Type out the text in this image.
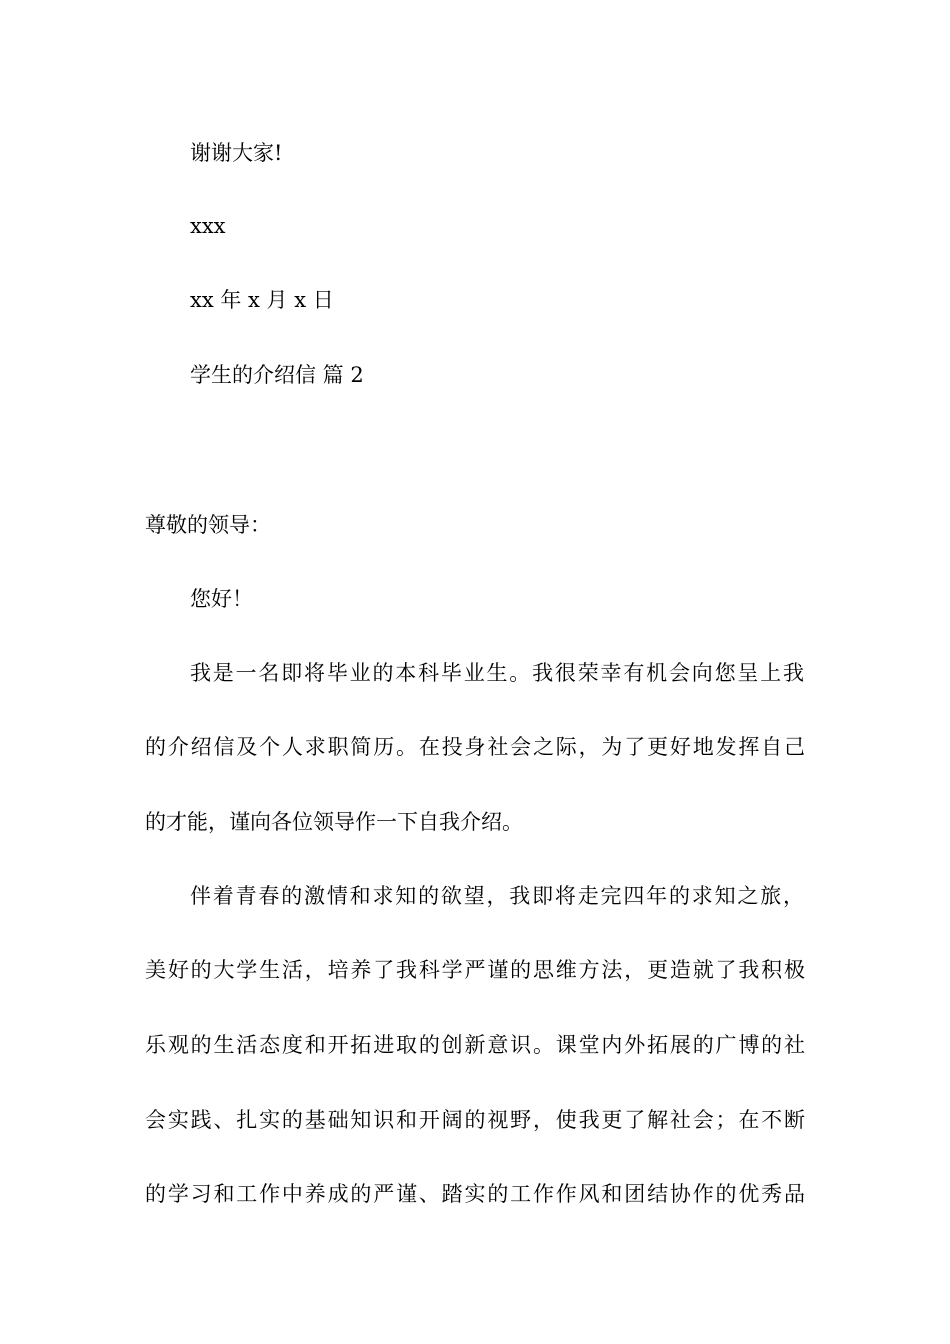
谢谢大家!
xxx
xx 年 x 月 x 日
学生的介绍信 篇 2
尊敬的领导：
您好！
我是一名即将毕业的本科毕业生。我很荣幸有机会向您呈上我
的介绍信及个人求职简历。在投身社会之际，为了更好地发挥自己
的才能，谨向各位领导作一下自我介绍。
伴着青春的激情和求知的欲望，我即将走完四年的求知之旅，
美好的大学生活，培养了我科学严谨的思维方法，更造就了我积极
乐观的生活态度和开拓进取的创新意识。课堂内外拓展的广博的社
会实践、扎实的基础知识和开阔的视野，使我更了解社会；在不断
的学习和工作中养成的严谨、踏实的工作作风和团结协作的优秀品
